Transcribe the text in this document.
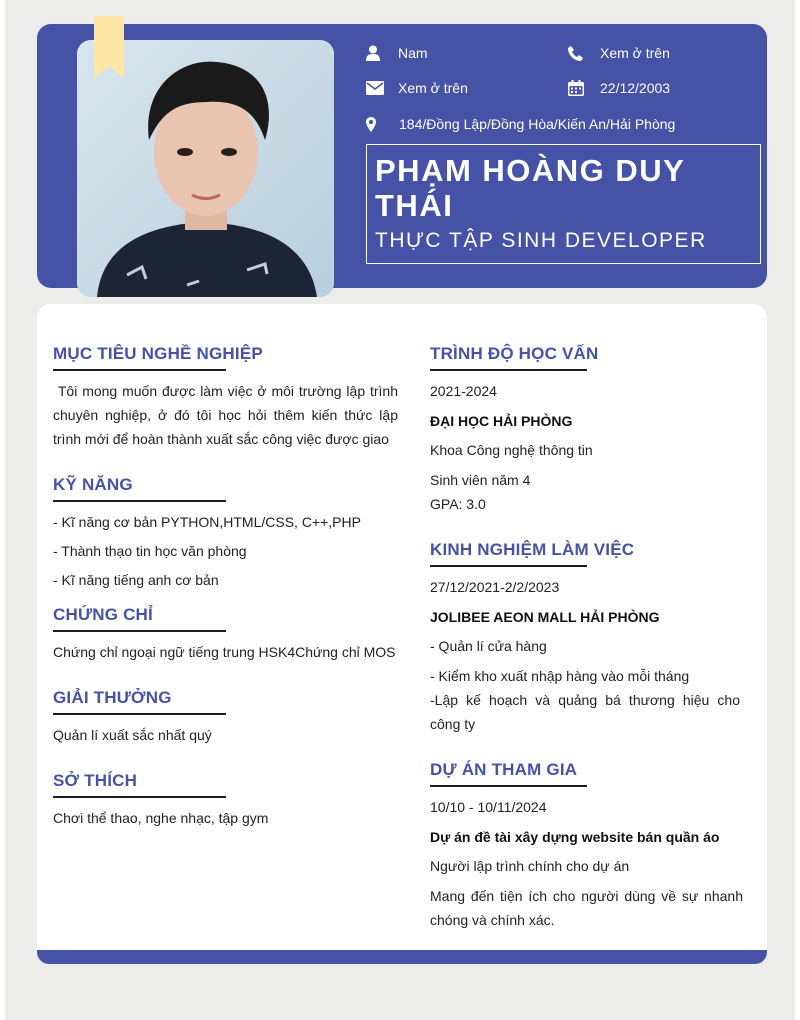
Nam	Xem ở trên
Xem ở trên	22/12/2003
184/Đồng Lập/Đồng Hòa/Kiến An/Hải Phòng
PHẠM HOÀNG DUY THÁI
THỰC TẬP SINH DEVELOPER
MỤC TIÊU NGHỀ NGHIỆP
Tôi mong muốn được làm việc ở môi trường lập trình chuyên nghiệp, ở đó tôi học hỏi thêm kiến thức lập trình mới để hoàn thành xuất sắc công việc được giao
KỸ NĂNG
- Kĩ năng cơ bản PYTHON,HTML/CSS, C++,PHP
- Thành thạo tin học văn phòng
- Kĩ năng tiếng anh cơ bản
CHỨNG CHỈ
Chứng chỉ ngoại ngữ tiếng trung HSK4Chứng chỉ MOS
GIẢI THƯỞNG
Quản lí xuất sắc nhất quý
SỞ THÍCH
Chơi thể thao, nghe nhạc, tập gym
TRÌNH ĐỘ HỌC VẤN
2021-2024
ĐẠI HỌC HẢI PHÒNG
Khoa Công nghệ thông tin
Sinh viên năm 4
GPA: 3.0
KINH NGHIỆM LÀM VIỆC
27/12/2021-2/2/2023
JOLIBEE AEON MALL HẢI PHÒNG
- Quản lí cửa hàng
- Kiểm kho xuất nhập hàng vào mỗi tháng
-Lập kế hoạch và quảng bá thương hiệu cho công ty
DỰ ÁN THAM GIA
10/10 - 10/11/2024
Dự án đề tài xây dựng website bán quần áo
Người lập trình chính cho dự án
Mang đến tiện ích cho người dùng về sự nhanh chóng và chính xác.
